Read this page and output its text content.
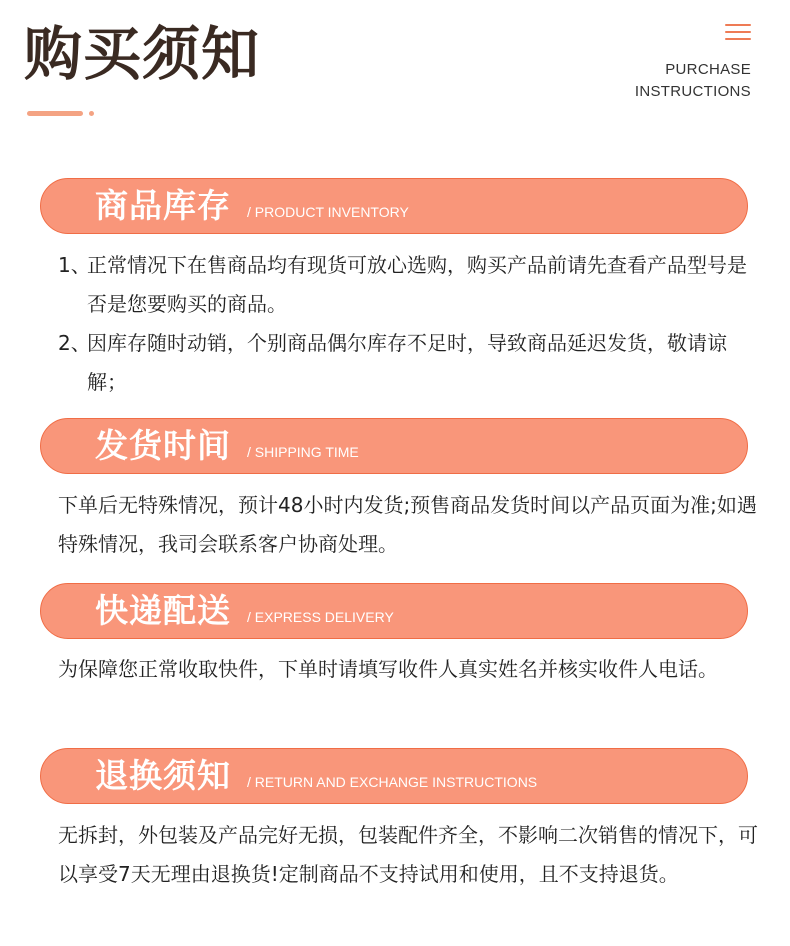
购买须知	PURCHASE
INSTRUCTIONS
商品库存 / PRODUCT INVENTORY
1、
正常情况下在售商品均有现货可放心选购，购买产品前请先查看产品型号是否是您要购买的商品。
2、
因库存随时动销，个别商品偶尔库存不足时，导致商品延迟发货，敬请谅解；
发货时间 / SHIPPING TIME
下单后无特殊情况，预计48小时内发货;预售商品发货时间以产品页面为准;如遇特殊情况，我司会联系客户协商处理。
快递配送 / EXPRESS DELIVERY
为保障您正常收取快件，下单时请填写收件人真实姓名并核实收件人电话。
退换须知 / RETURN AND EXCHANGE INSTRUCTIONS
无拆封，外包装及产品完好无损，包装配件齐全，不影响二次销售的情况下，可以享受7天无理由退换货!定制商品不支持试用和使用，且不支持退货。
